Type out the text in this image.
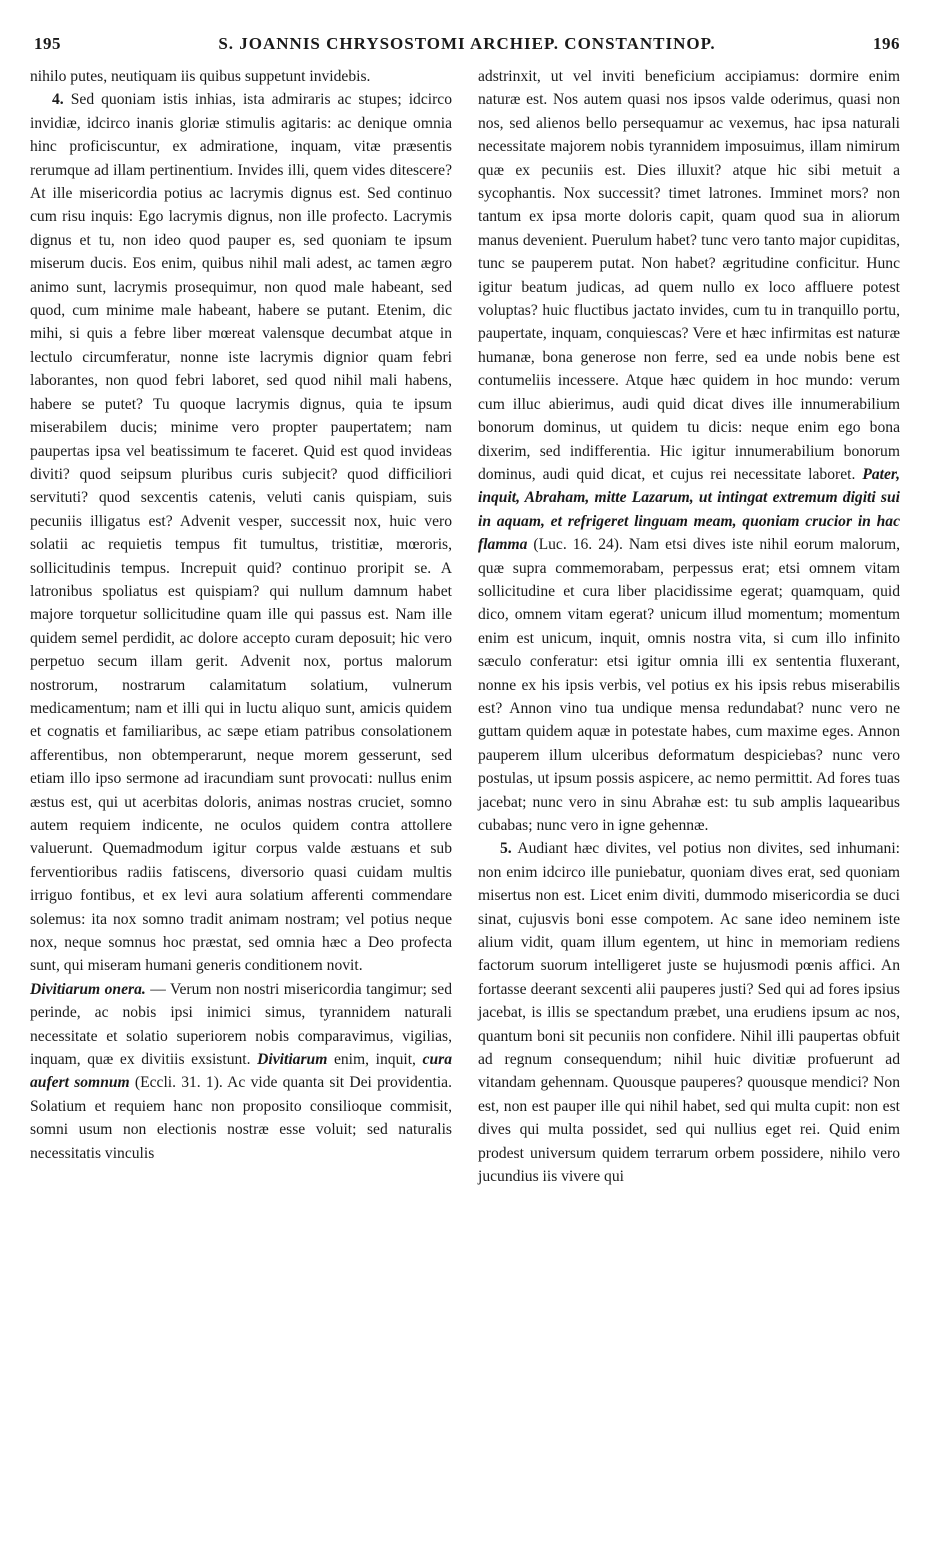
195	S. JOANNIS CHRYSOSTOMI ARCHIEP. CONSTANTINOP.	196

nihilo putes, neutiquam iis quibus suppetunt invidebis.

4. Sed quoniam istis inhias, ista admiraris ac stupes; idcirco invidiæ, idcirco inanis gloriæ stimulis agitaris: ac denique omnia hinc proficiscuntur, ex admiratione, inquam, vitæ præsentis rerumque ad illam pertinentium. Invides illi, quem vides ditescere? At ille misericordia potius ac lacrymis dignus est. Sed continuo cum risu inquis: Ego lacrymis dignus, non ille profecto. Lacrymis dignus et tu, non ideo quod pauper es, sed quoniam te ipsum miserum ducis. Eos enim, quibus nihil mali adest, ac tamen ægro animo sunt, lacrymis prosequimur, non quod male habeant, sed quod, cum minime male habeant, habere se putant. Etenim, dic mihi, si quis a febre liber mœreat valensque decumbat atque in lectulo circumferatur, nonne iste lacrymis dignior quam febri laborantes, non quod febri laboret, sed quod nihil mali habens, habere se putet? Tu quoque lacrymis dignus, quia te ipsum miserabilem ducis; minime vero propter paupertatem; nam paupertas ipsa vel beatissimum te faceret. Quid est quod invideas diviti? quod seipsum pluribus curis subjecit? quod difficiliori servituti? quod sexcentis catenis, veluti canis quispiam, suis pecuniis illigatus est? Advenit vesper, successit nox, huic vero solatii ac requietis tempus fit tumultus, tristitiæ, mœroris, sollicitudinis tempus. Increpuit quid? continuo proripit se. A latronibus spoliatus est quispiam? qui nullum damnum habet majore torquetur sollicitudine quam ille qui passus est. Nam ille quidem semel perdidit, ac dolore accepto curam deposuit; hic vero perpetuo secum illam gerit. Advenit nox, portus malorum nostrorum, nostrarum calamitatum solatium, vulnerum medicamentum; nam et illi qui in luctu aliquo sunt, amicis quidem et cognatis et familiaribus, ac sæpe etiam patribus consolationem afferentibus, non obtemperarunt, neque morem gesserunt, sed etiam illo ipso sermone ad iracundiam sunt provocati: nullus enim æstus est, qui ut acerbitas doloris, animas nostras cruciet, somno autem requiem indicente, ne oculos quidem contra attollere valuerunt. Quemadmodum igitur corpus valde æstuans et sub ferventioribus radiis fatiscens, diversorio quasi cuidam multis irriguo fontibus, et ex levi aura solatium afferenti commendare solemus: ita nox somno tradit animam nostram; vel potius neque nox, neque somnus hoc præstat, sed omnia hæc a Deo profecta sunt, qui miseram humani generis conditionem novit.

Divitiarum onera. — Verum non nostri misericordia tangimur; sed perinde, ac nobis ipsi inimici simus, tyrannidem naturali necessitate et solatio superiorem nobis comparavimus, vigilias, inquam, quæ ex divitiis exsistunt. Divitiarum enim, inquit, cura aufert somnum (Eccli. 31. 1). Ac vide quanta sit Dei providentia. Solatium et requiem hanc non proposito consilioque commisit, somni usum non electionis nostræ esse voluit; sed naturalis necessitatis vinculis

adstrinxit, ut vel inviti beneficium accipiamus: dormire enim naturæ est. Nos autem quasi nos ipsos valde oderimus, quasi non nos, sed alienos bello persequamur ac vexemus, hac ipsa naturali necessitate majorem nobis tyrannidem imposuimus, illam nimirum quæ ex pecuniis est. Dies illuxit? atque hic sibi metuit a sycophantis. Nox successit? timet latrones. Imminet mors? non tantum ex ipsa morte doloris capit, quam quod sua in aliorum manus devenient. Puerulum habet? tunc vero tanto major cupiditas, tunc se pauperem putat. Non habet? ægritudine conficitur. Hunc igitur beatum judicas, ad quem nullo ex loco affluere potest voluptas? huic fluctibus jactato invides, cum tu in tranquillo portu, paupertate, inquam, conquiescas? Vere et hæc infirmitas est naturæ humanæ, bona generose non ferre, sed ea unde nobis bene est contumeliis incessere. Atque hæc quidem in hoc mundo: verum cum illuc abierimus, audi quid dicat dives ille innumerabilium bonorum dominus, ut quidem tu dicis: neque enim ego bona dixerim, sed indifferentia. Hic igitur innumerabilium bonorum dominus, audi quid dicat, et cujus rei necessitate laboret. Pater, inquit, Abraham, mitte Lazarum, ut intingat extremum digiti sui in aquam, et refrigeret linguam meam, quoniam crucior in hac flamma (Luc. 16. 24). Nam etsi dives iste nihil eorum malorum, quæ supra commemorabam, perpessus erat; etsi omnem vitam sollicitudine et cura liber placidissime egerat; quamquam, quid dico, omnem vitam egerat? unicum illud momentum; momentum enim est unicum, inquit, omnis nostra vita, si cum illo infinito sæculo conferatur: etsi igitur omnia illi ex sententia fluxerant, nonne ex his ipsis verbis, vel potius ex his ipsis rebus miserabilis est? Annon vino tua undique mensa redundabat? nunc vero ne guttam quidem aquæ in potestate habes, cum maxime eges. Annon pauperem illum ulceribus deformatum despiciebas? nunc vero postulas, ut ipsum possis aspicere, ac nemo permittit. Ad fores tuas jacebat; nunc vero in sinu Abrahæ est: tu sub amplis laquearibus cubabas; nunc vero in igne gehennæ.

5. Audiant hæc divites, vel potius non divites, sed inhumani: non enim idcirco ille puniebatur, quoniam dives erat, sed quoniam misertus non est. Licet enim diviti, dummodo misericordia se duci sinat, cujusvis boni esse compotem. Ac sane ideo neminem iste alium vidit, quam illum egentem, ut hinc in memoriam rediens factorum suorum intelligeret juste se hujusmodi pœnis affici. An fortasse deerant sexcenti alii pauperes justi? Sed qui ad fores ipsius jacebat, is illis se spectandum præbet, una erudiens ipsum ac nos, quantum boni sit pecuniis non confidere. Nihil illi paupertas obfuit ad regnum consequendum; nihil huic divitiæ profuerunt ad vitandam gehennam. Quousque pauperes? quousque mendici? Non est, non est pauper ille qui nihil habet, sed qui multa cupit: non est dives qui multa possidet, sed qui nullius eget rei. Quid enim prodest universum quidem terrarum orbem possidere, nihilo vero jucundius iis vivere qui
